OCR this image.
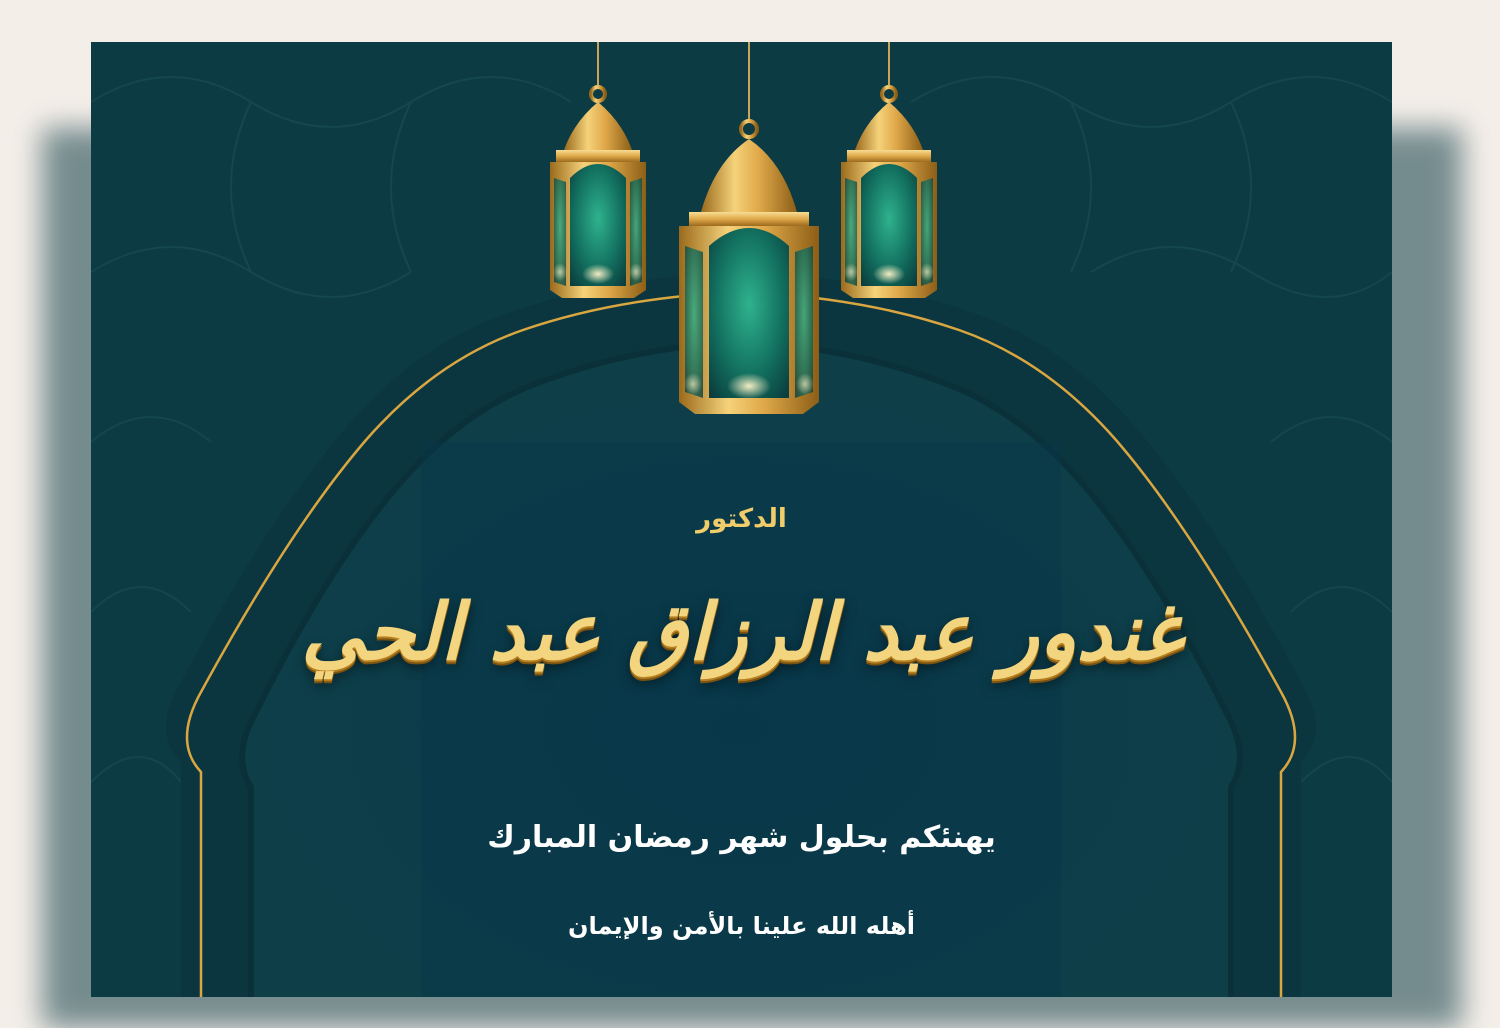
الدكتور

غندور عبد الرزاق عبد الحي

يهنئكم بحلول شهر رمضان المبارك

أهله الله علينا بالأمن والإيمان
